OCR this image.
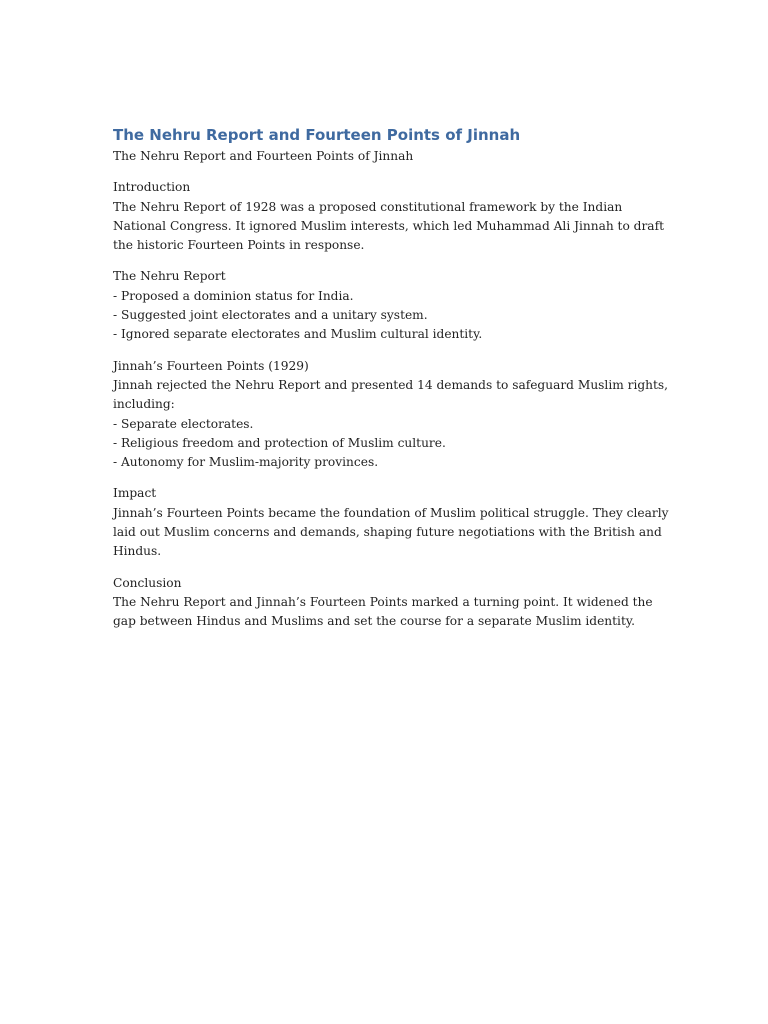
The Nehru Report and Fourteen Points of Jinnah
The Nehru Report and Fourteen Points of Jinnah
Introduction
The Nehru Report of 1928 was a proposed constitutional framework by the Indian National Congress. It ignored Muslim interests, which led Muhammad Ali Jinnah to draft the historic Fourteen Points in response.
The Nehru Report
- Proposed a dominion status for India.
- Suggested joint electorates and a unitary system.
- Ignored separate electorates and Muslim cultural identity.
Jinnah’s Fourteen Points (1929)
Jinnah rejected the Nehru Report and presented 14 demands to safeguard Muslim rights, including:
- Separate electorates.
- Religious freedom and protection of Muslim culture.
- Autonomy for Muslim-majority provinces.
Impact
Jinnah’s Fourteen Points became the foundation of Muslim political struggle. They clearly laid out Muslim concerns and demands, shaping future negotiations with the British and Hindus.
Conclusion
The Nehru Report and Jinnah’s Fourteen Points marked a turning point. It widened the gap between Hindus and Muslims and set the course for a separate Muslim identity.
